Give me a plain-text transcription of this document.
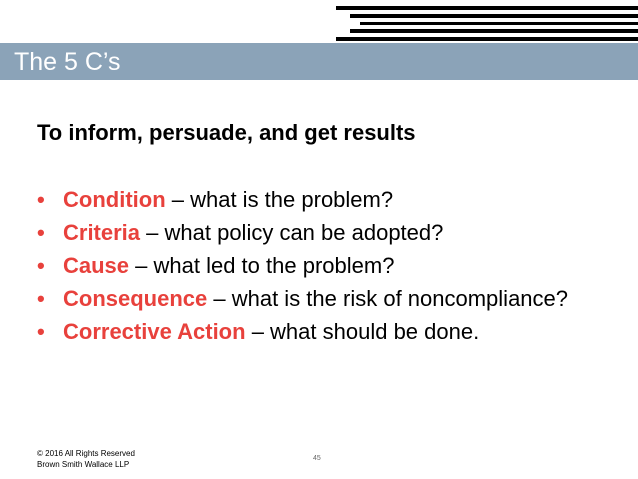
The 5 C’s
To inform, persuade, and get results
• Condition – what is the problem?
• Criteria – what policy can be adopted?
• Cause – what led to the problem?
• Consequence – what is the risk of noncompliance?
• Corrective Action – what should be done.
© 2016 All Rights Reserved
Brown Smith Wallace LLP
45
